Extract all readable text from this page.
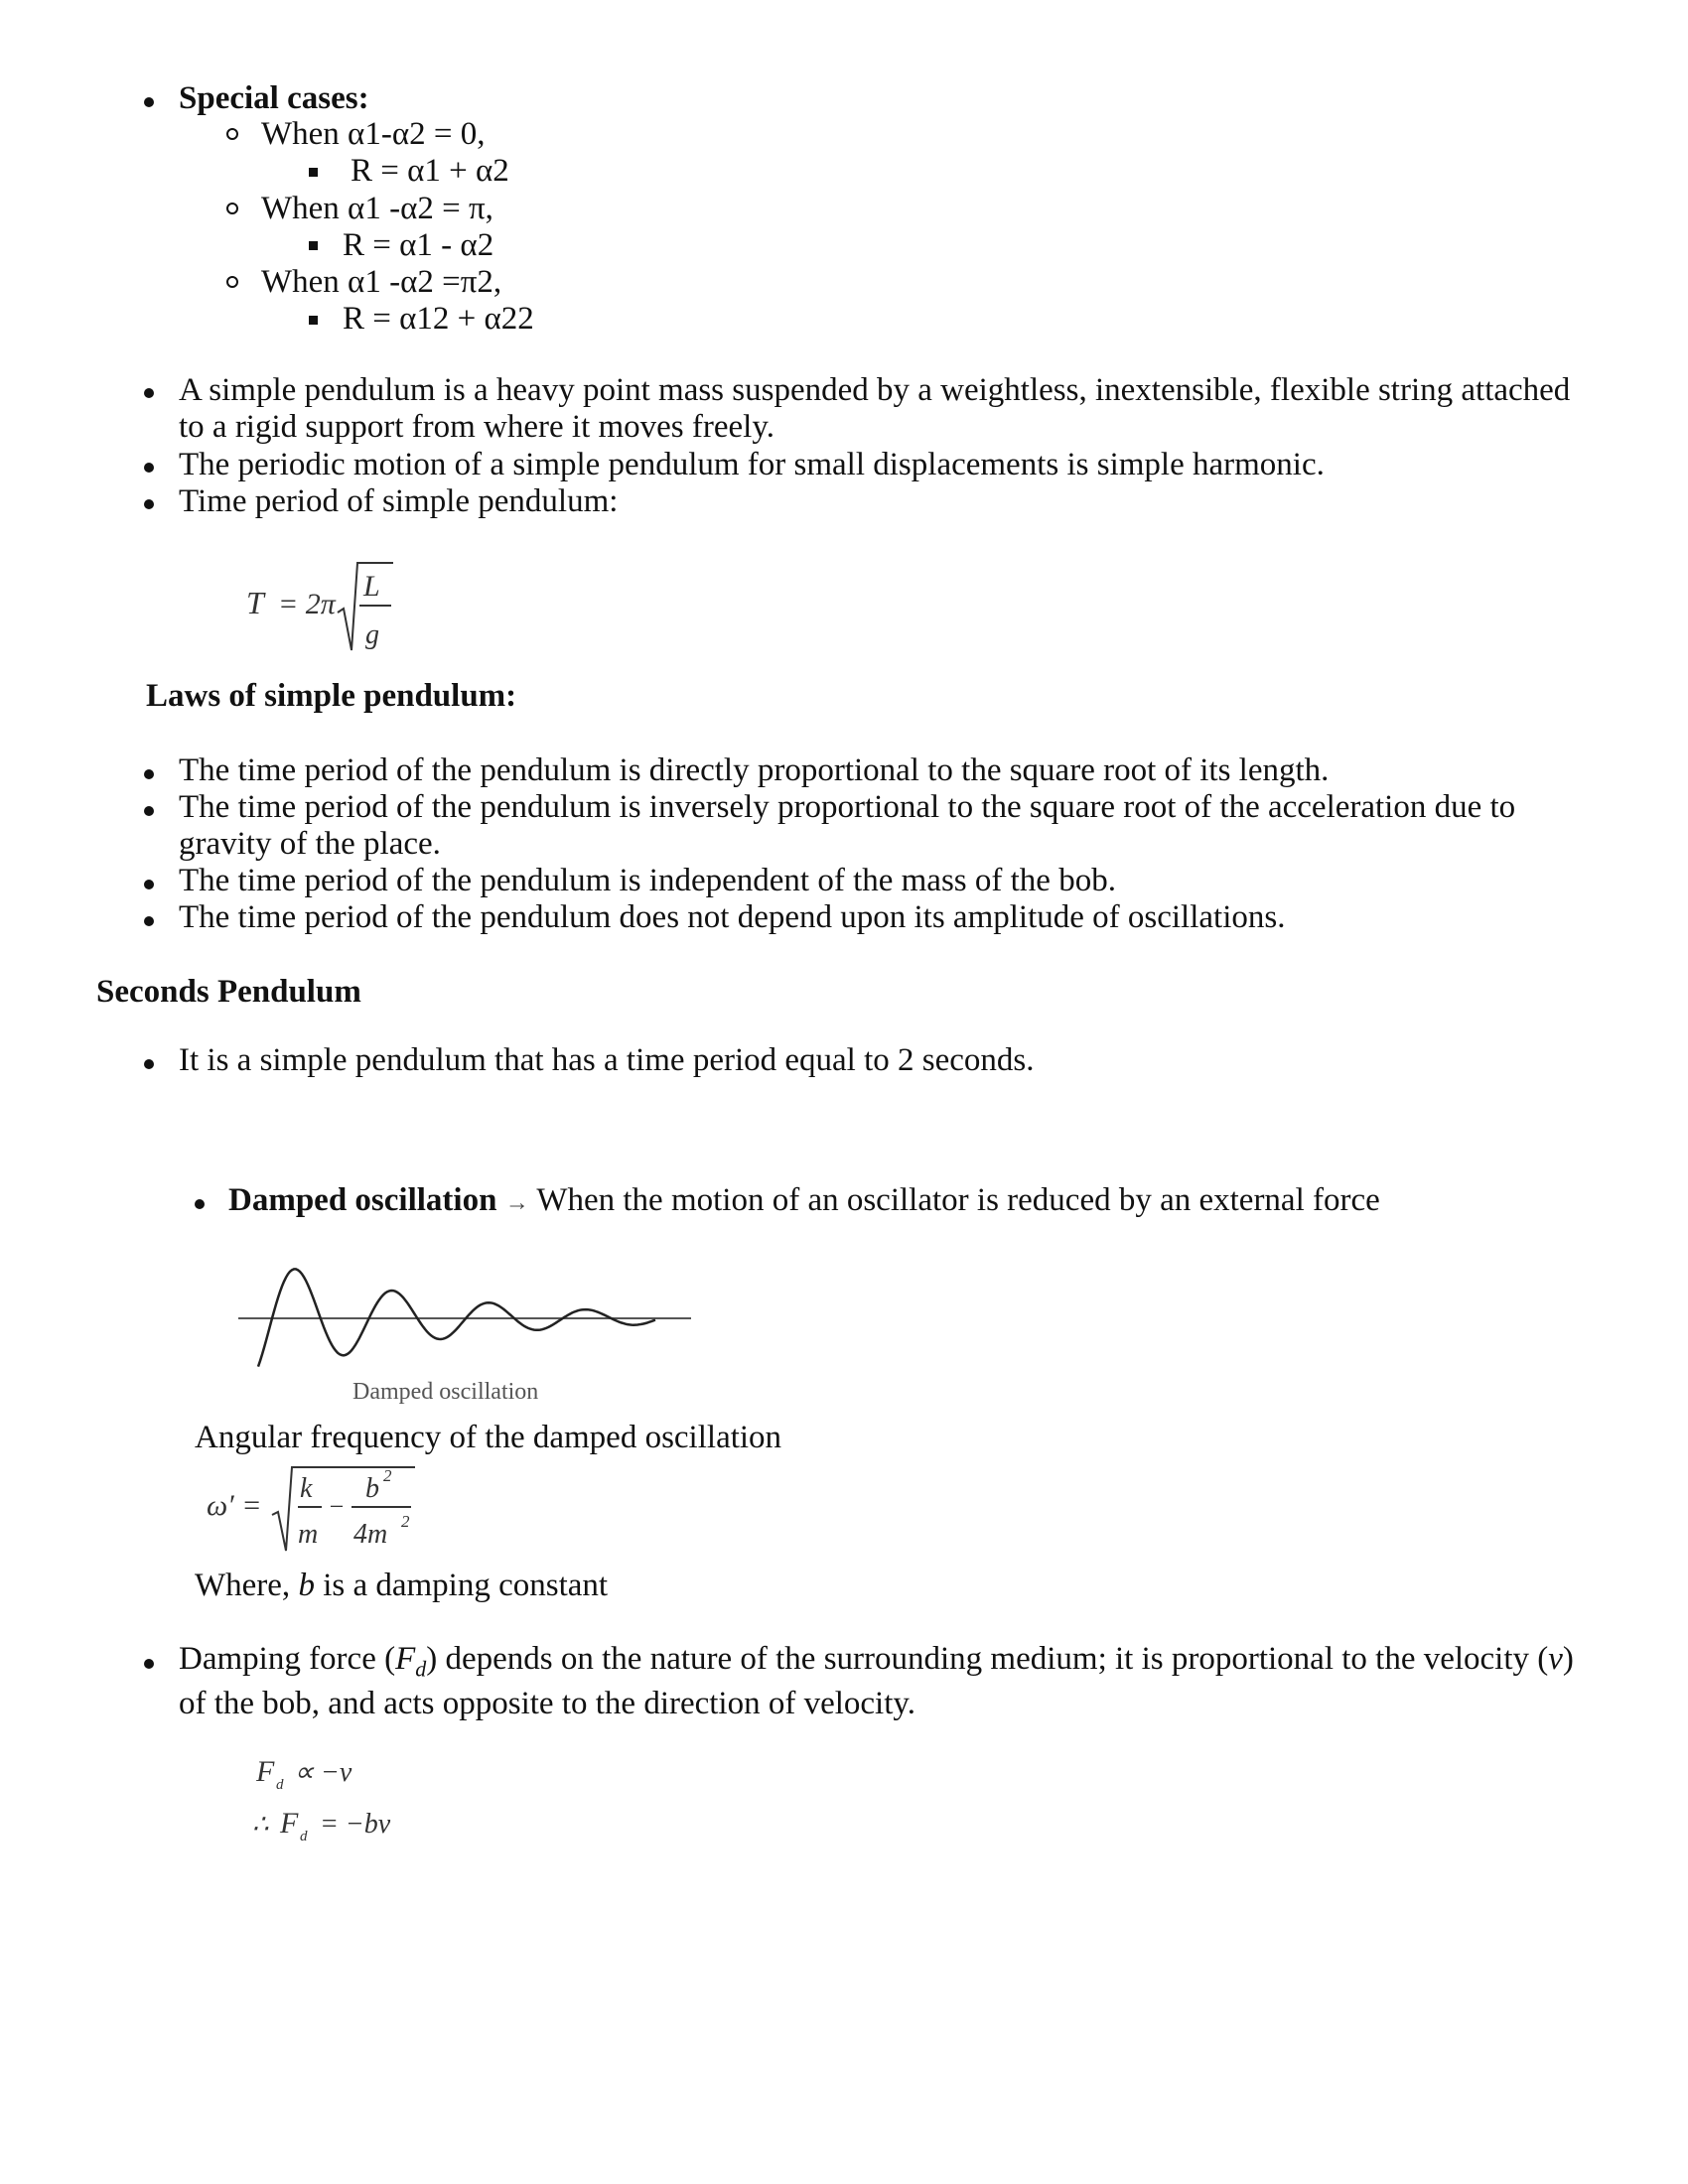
Special cases:
When α1-α2 = 0,
R = α1 + α2
When α1 -α2 = π,
R = α1 - α2
When α1 -α2 =π2,
R = α12 + α22
A simple pendulum is a heavy point mass suspended by a weightless, inextensible, flexible string attached
to a rigid support from where it moves freely.
The periodic motion of a simple pendulum for small displacements is simple harmonic.
Time period of simple pendulum:
T = 2π
L
g
Laws of simple pendulum:
The time period of the pendulum is directly proportional to the square root of its length.
The time period of the pendulum is inversely proportional to the square root of the acceleration due to
gravity of the place.
The time period of the pendulum is independent of the mass of the bob.
The time period of the pendulum does not depend upon its amplitude of oscillations.
Seconds Pendulum
It is a simple pendulum that has a time period equal to 2 seconds.
Damped oscillation → When the motion of an oscillator is reduced by an external force
Damped oscillation
Angular frequency of the damped oscillation
ω′ =
k
m
−
b 2
4m 2
Where, b is a damping constant
Damping force $(F_d)$ depends on the nature of the surrounding medium; it is proportional to the velocity (v)
of the bob, and acts opposite to the direction of velocity.
F d ∝ −v
∴ F d = −bv
